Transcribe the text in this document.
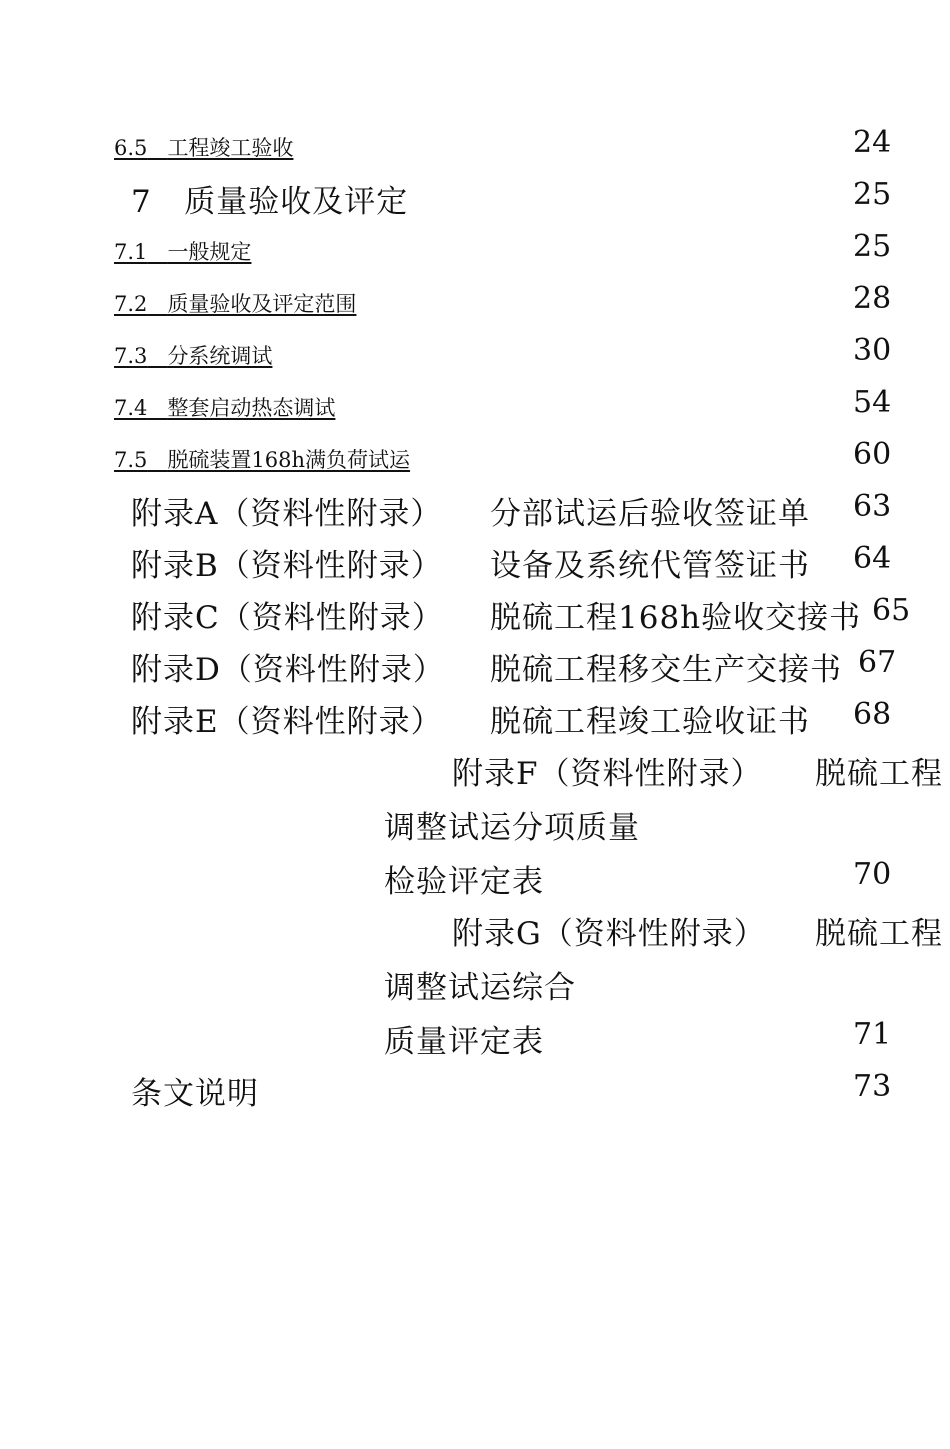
6.5 工程竣工验收	24
7 质量验收及评定	25
7.1 一般规定	25
7.2 质量验收及评定范围	28
7.3 分系统调试	30
7.4 整套启动热态调试	54
7.5 脱硫装置168h满负荷试运	60
附录A（资料性附录） 分部试运后验收签证单 63
附录B（资料性附录） 设备及系统代管签证书 64
附录C（资料性附录） 脱硫工程168h验收交接书 65
附录D（资料性附录） 脱硫工程移交生产交接书 67
附录E（资料性附录） 脱硫工程竣工验收证书 68
附录F（资料性附录） 脱硫工程
调整试运分项质量
检验评定表	70
附录G（资料性附录） 脱硫工程
调整试运综合
质量评定表	71
条文说明	73
